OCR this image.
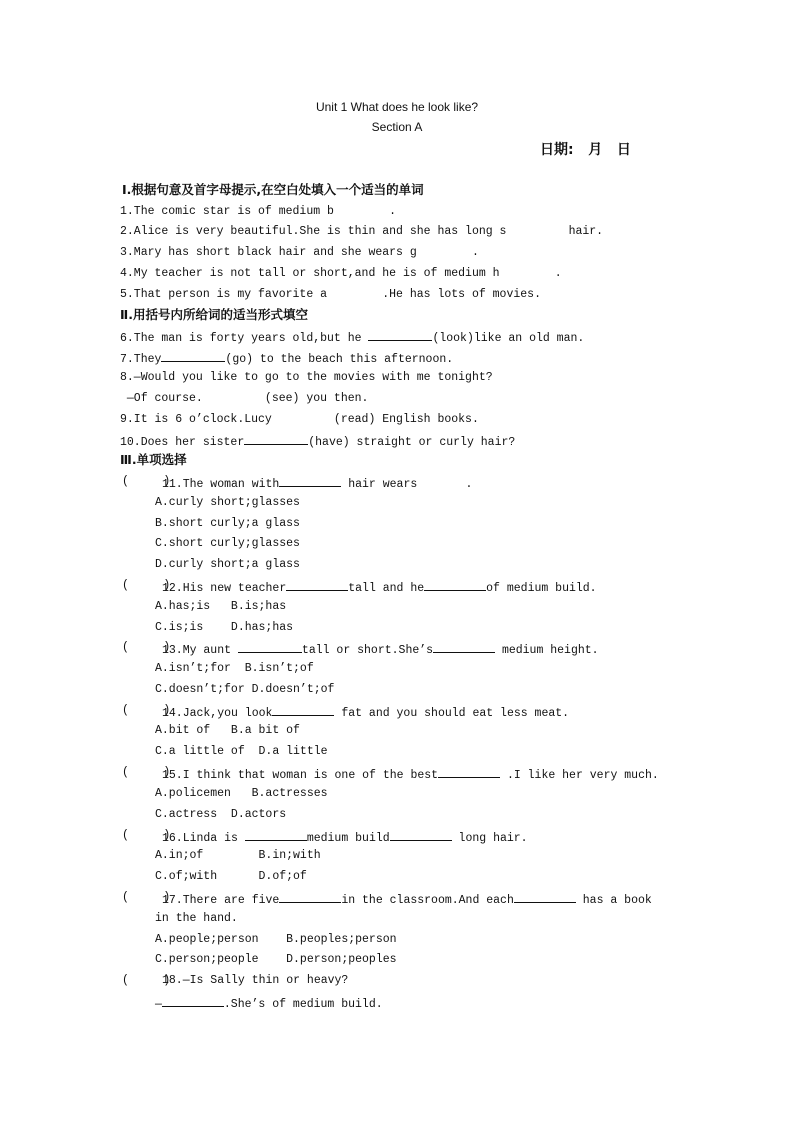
Unit 1 What does he look like?
Section A
日期:   月   日
Ⅰ.根据句意及首字母提示,在空白处填入一个适当的单词
1.The comic star is of medium b        .
2.Alice is very beautiful.She is thin and she has long s         hair.
3.Mary has short black hair and she wears g        .
4.My teacher is not tall or short,and he is of medium h        .
5.That person is my favorite a        .He has lots of movies.
Ⅱ.用括号内所给词的适当形式填空
6.The man is forty years old,but he	(look)like an old man.
7.They	(go) to the beach this afternoon.
8.—Would you like to go to the movies with me tonight?
—Of course.         (see) you then.
9.It is 6 o’clock.Lucy         (read) English books.
10.Does her sister	(have) straight or curly hair?
Ⅲ.单项选择
(     )
11.The woman with	hair wears       .
A.curly short;glasses
B.short curly;a glass
C.short curly;glasses
D.curly short;a glass
(     )
12.His new teacher	tall and he	of medium build.
A.has;is   B.is;has
C.is;is    D.has;has
(     )
13.My aunt	tall or short.She’s	medium height.
A.isn’t;for  B.isn’t;of
C.doesn’t;for D.doesn’t;of
(     )
14.Jack,you look	fat and you should eat less meat.
A.bit of   B.a bit of
C.a little of  D.a little
(     )
15.I think that woman is one of the best	.I like her very much.
A.policemen   B.actresses
C.actress  D.actors
(     )
16.Linda is	medium build	long hair.
A.in;of        B.in;with
C.of;with      D.of;of
(     )
17.There are five	in the classroom.And each	has a book
in the hand.
A.people;person    B.peoples;person
C.person;people    D.person;peoples
(     )
18.—Is Sally thin or heavy?
—	.She’s of medium build.
